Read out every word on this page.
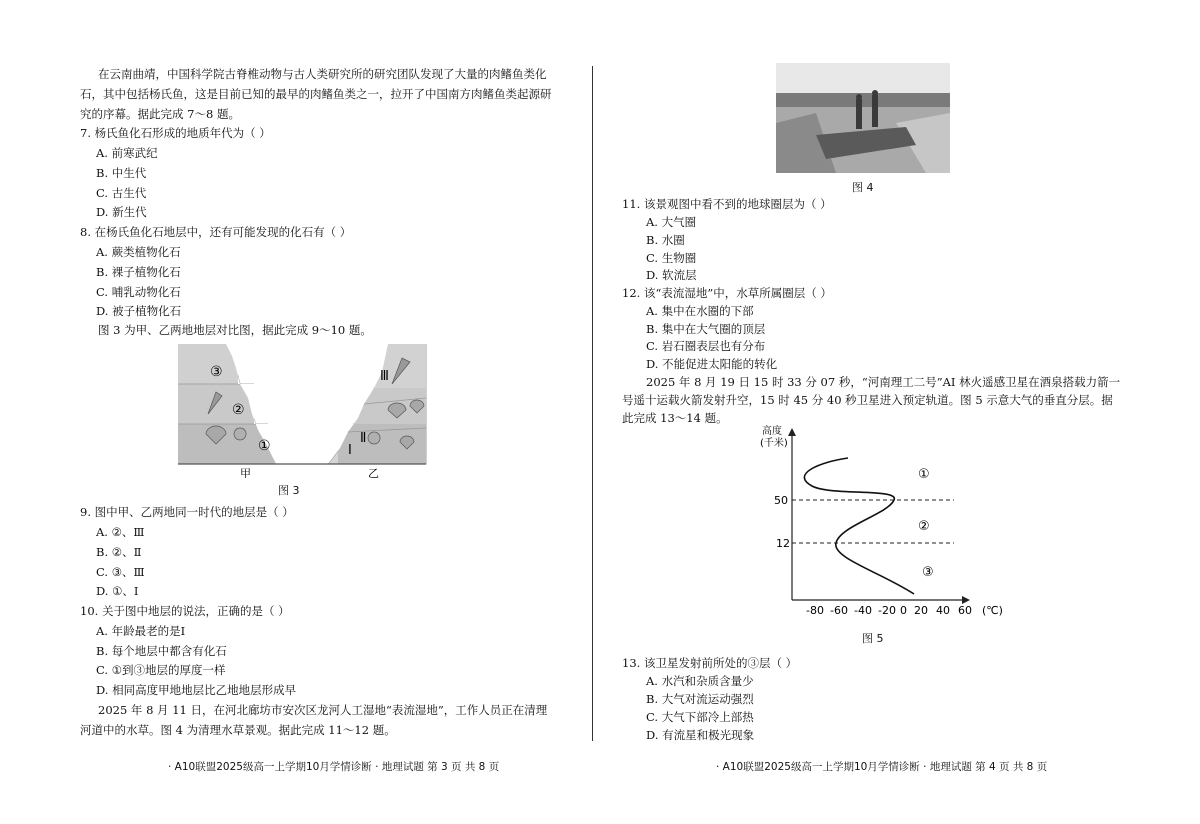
在云南曲靖，中国科学院古脊椎动物与古人类研究所的研究团队发现了大量的肉鳍鱼类化
石，其中包括杨氏鱼，这是目前已知的最早的肉鳍鱼类之一，拉开了中国南方肉鳍鱼类起源研
究的序幕。据此完成 7～8 题。
7. 杨氏鱼化石形成的地质年代为（ ）
A. 前寒武纪
B. 中生代
C. 古生代
D. 新生代
8. 在杨氏鱼化石地层中，还有可能发现的化石有（ ）
A. 蕨类植物化石
B. 裸子植物化石
C. 哺乳动物化石
D. 被子植物化石
图 3 为甲、乙两地地层对比图，据此完成 9～10 题。
③
②
①
Ⅲ
Ⅱ
Ⅰ
甲	乙
图 3
9. 图中甲、乙两地同一时代的地层是（ ）
A. ②、Ⅲ
B. ②、Ⅱ
C. ③、Ⅲ
D. ①、Ⅰ
10. 关于图中地层的说法，正确的是（ ）
A. 年龄最老的是Ⅰ
B. 每个地层中都含有化石
C. ①到③地层的厚度一样
D. 相同高度甲地地层比乙地地层形成早
2025 年 8 月 11 日，在河北廊坊市安次区龙河人工湿地“表流湿地”，工作人员正在清理
河道中的水草。图 4 为清理水草景观。据此完成 11～12 题。
· A10联盟2025级高一上学期10月学情诊断 · 地理试题 第 3 页 共 8 页
图 4
11. 该景观图中看不到的地球圈层为（ ）
A. 大气圈
B. 水圈
C. 生物圈
D. 软流层
12. 该“表流湿地”中，水草所属圈层（ ）
A. 集中在水圈的下部
B. 集中在大气圈的顶层
C. 岩石圈表层也有分布
D. 不能促进太阳能的转化
2025 年 8 月 19 日 15 时 33 分 07 秒，“河南理工二号”AI 林火遥感卫星在酒泉搭载力箭一
号遥十运载火箭发射升空，15 时 45 分 40 秒卫星进入预定轨道。图 5 示意大气的垂直分层。据
此完成 13～14 题。
高度
(千米)
50
12
-80 -60 -40 -20 0 20 40 60 (℃)
①
②
③
图 5
13. 该卫星发射前所处的③层（ ）
A. 水汽和杂质含量少
B. 大气对流运动强烈
C. 大气下部冷上部热
D. 有流星和极光现象
· A10联盟2025级高一上学期10月学情诊断 · 地理试题 第 4 页 共 8 页
